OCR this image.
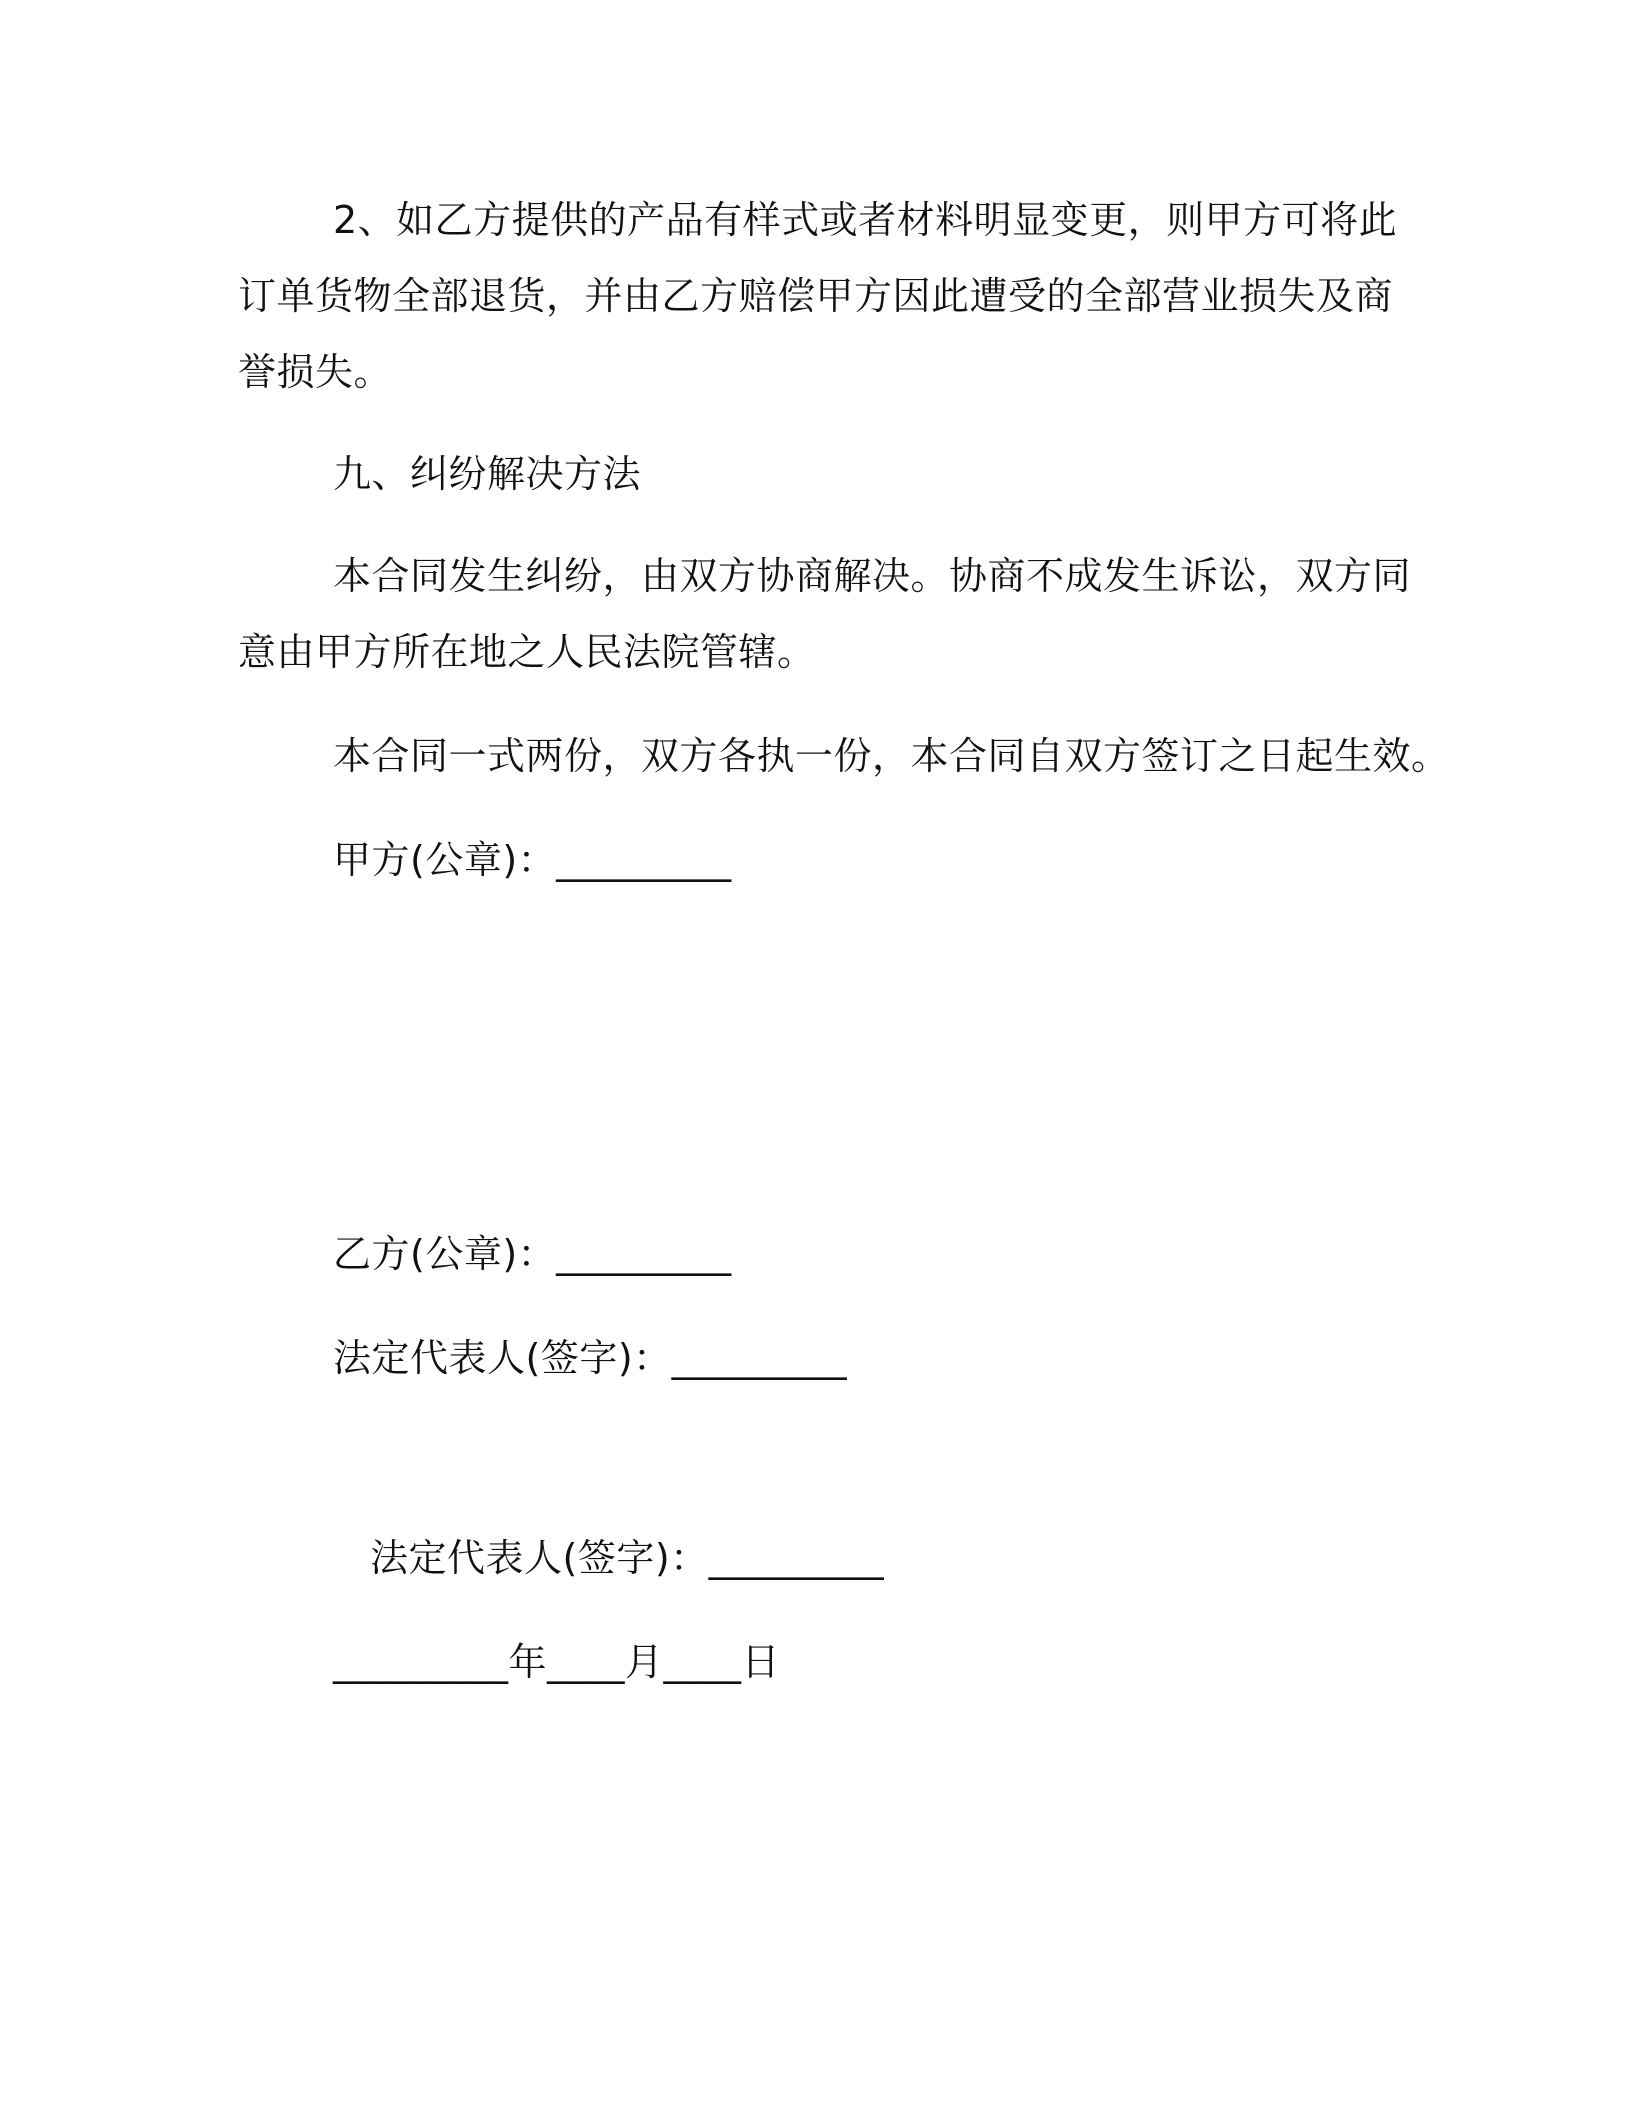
2、如乙方提供的产品有样式或者材料明显变更，则甲方可将此
订单货物全部退货，并由乙方赔偿甲方因此遭受的全部营业损失及商
誉损失。
九、纠纷解决方法
本合同发生纠纷，由双方协商解决。协商不成发生诉讼，双方同
意由甲方所在地之人民法院管辖。
本合同一式两份，双方各执一份，本合同自双方签订之日起生效。
甲方(公章)：_________
乙方(公章)：_________
法定代表人(签字)：_________
法定代表人(签字)：_________
_________年____月____日
